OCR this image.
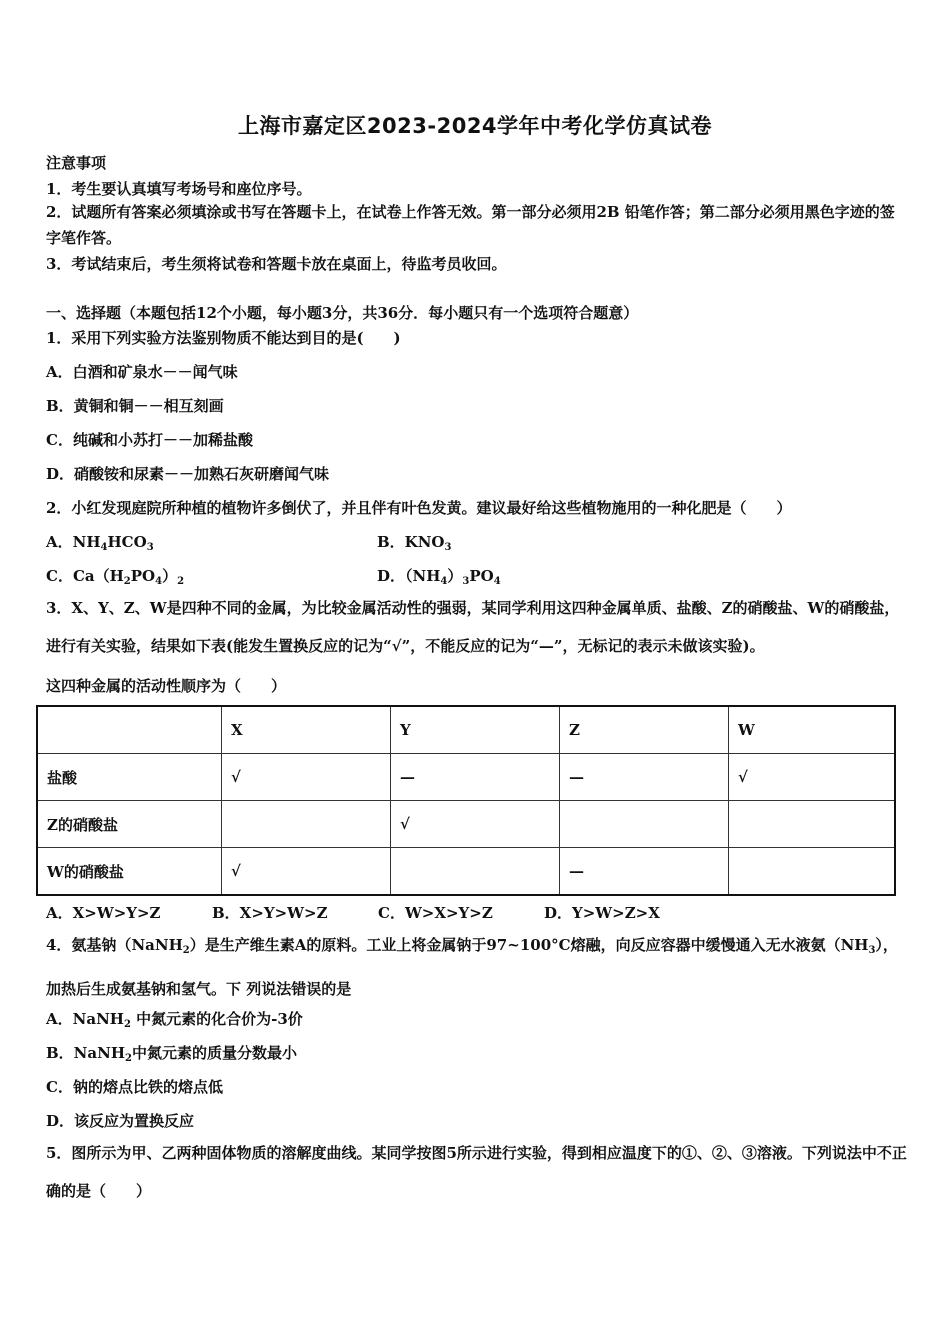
上海市嘉定区2023-2024学年中考化学仿真试卷
注意事项
1．考生要认真填写考场号和座位序号。
2．试题所有答案必须填涂或书写在答题卡上，在试卷上作答无效。第一部分必须用2B 铅笔作答；第二部分必须用黑色字迹的签字笔作答。
3．考试结束后，考生须将试卷和答题卡放在桌面上，待监考员收回。
一、选择题（本题包括12个小题，每小题3分，共36分．每小题只有一个选项符合题意）
1．采用下列实验方法鉴别物质不能达到目的是(　　)
A．白酒和矿泉水－－闻气味
B．黄铜和铜－－相互刻画
C．纯碱和小苏打－－加稀盐酸
D．硝酸铵和尿素－－加熟石灰研磨闻气味
2．小红发现庭院所种植的植物许多倒伏了，并且伴有叶色发黄。建议最好给这些植物施用的一种化肥是（　　）
A．$NH_4HCO_3$	B．$KNO_3$
C．$Ca(H_2PO_4)_2$	D．$(NH_4)_3PO_4$
3．X、Y、Z、W是四种不同的金属，为比较金属活动性的强弱，某同学利用这四种金属单质、盐酸、Z的硝酸盐、W的硝酸盐，进行有关实验，结果如下表(能发生置换反应的记为“√”，不能反应的记为“—”，无标记的表示未做该实验)。
这四种金属的活动性顺序为（　　）
	X	Y	Z	W
盐酸	√	—	—	√
Z的硝酸盐		√		
W的硝酸盐	√		—	
A．X>W>Y>Z	B．X>Y>W>Z	C．W>X>Y>Z	D．Y>W>Z>X
4．氨基钠（NaNH$_2$）是生产维生素A的原料。工业上将金属钠于97~100°C熔融，向反应容器中缓慢通入无水液氨$(NH_3)$，加热后生成氨基钠和氢气。下 列说法错误的是
A．NaNH$_2$ 中氮元素的化合价为-3价
B．NaNH$_2$中氮元素的质量分数最小
C．钠的熔点比铁的熔点低
D．该反应为置换反应
5．图所示为甲、乙两种固体物质的溶解度曲线。某同学按图5所示进行实验，得到相应温度下的①、②、③溶液。下列说法中不正确的是（　　）
